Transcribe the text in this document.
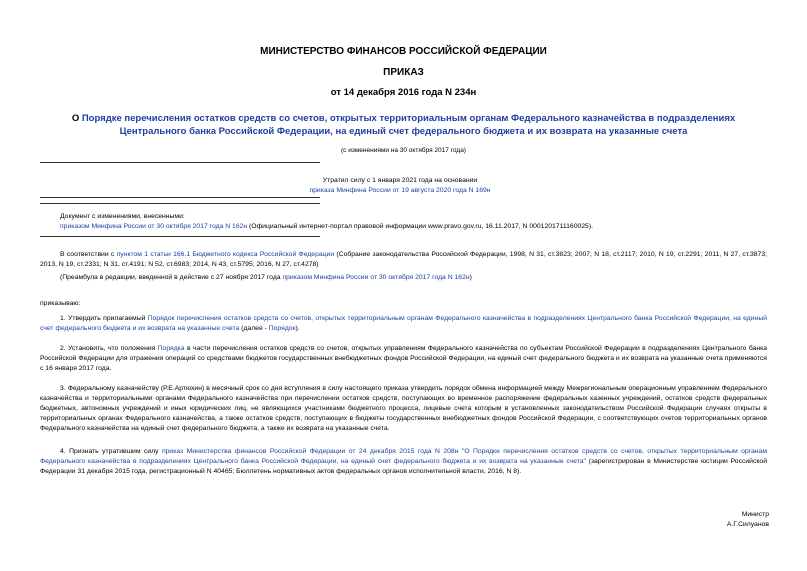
МИНИСТЕРСТВО ФИНАНСОВ РОССИЙСКОЙ ФЕДЕРАЦИИ
ПРИКАЗ
от 14 декабря 2016 года N 234н
О Порядке перечисления остатков средств со счетов, открытых территориальным органам Федерального казначейства в подразделениях Центрального банка Российской Федерации, на единый счет федерального бюджета и их возврата на указанные счета
(с изменениями на 30 октября 2017 года)
Утратил силу с 1 января 2021 года на основании
приказа Минфина России от 19 августа 2020 года N 169н
Документ с изменениями, внесенными:
приказом Минфина России от 30 октября 2017 года N 162н (Официальный интернет-портал правовой информации www.pravo.gov.ru, 16.11.2017, N 0001201711160025).
В соответствии с пунктом 1 статьи 166.1 Бюджетного кодекса Российской Федерации (Собрание законодательства Российской Федерации, 1998, N 31, ст.3823; 2007, N 18, ст.2117; 2010, N 19, ст.2291; 2011, N 27, ст.3873; 2013, N 19, ст.2331; N 31, ст.4191; N 52, ст.6983; 2014, N 43, ст.5795; 2016, N 27, ст.4278)
(Преамбула в редакции, введенной в действие с 27 ноября 2017 года приказом Минфина России от 30 октября 2017 года N 162н)
приказываю:
1. Утвердить прилагаемый Порядок перечисления остатков средств со счетов, открытых территориальным органам Федерального казначейства в подразделениях Центрального банка Российской Федерации, на единый счет федерального бюджета и их возврата на указанные счета (далее - Порядок).
2. Установить, что положения Порядка в части перечисления остатков средств со счетов, открытых управлениям Федерального казначейства по субъектам Российской Федерации в подразделениях Центрального банка Российской Федерации для отражения операций со средствами бюджетов государственных внебюджетных фондов Российской Федерации, на единый счет федерального бюджета и их возврата на указанные счета применяются с 16 января 2017 года.
3. Федеральному казначейству (Р.Е.Артюхин) в месячный срок со дня вступления в силу настоящего приказа утвердить порядок обмена информацией между Межрегиональным операционным управлением Федерального казначейства и территориальными органами Федерального казначейства при перечислении остатков средств, поступающих во временное распоряжение федеральных казенных учреждений, остатков средств федеральных бюджетных, автономных учреждений и иных юридических лиц, не являющихся участниками бюджетного процесса, лицевые счета которым в установленных законодательством Российской Федерации случаях открыты в территориальных органах Федерального казначейства, а также остатков средств, поступающих в бюджеты государственных внебюджетных фондов Российской Федерации, с соответствующих счетов территориальных органов Федерального казначейства на единый счет федерального бюджета, а также их возврата на указанные счета.
4. Признать утратившим силу приказ Министерства финансов Российской Федерации от 24 декабря 2015 года N 208н "О Порядке перечисления остатков средств со счетов, открытых территориальным органам Федерального казначейства в подразделениях Центрального банка Российской Федерации, на единый счет федерального бюджета и их возврата на указанные счета" (зарегистрирован в Министерстве юстиции Российской Федерации 31 декабря 2015 года, регистрационный N 40465; Бюллетень нормативных актов федеральных органов исполнительной власти, 2016, N 8).
Министр
А.Г.Силуанов
